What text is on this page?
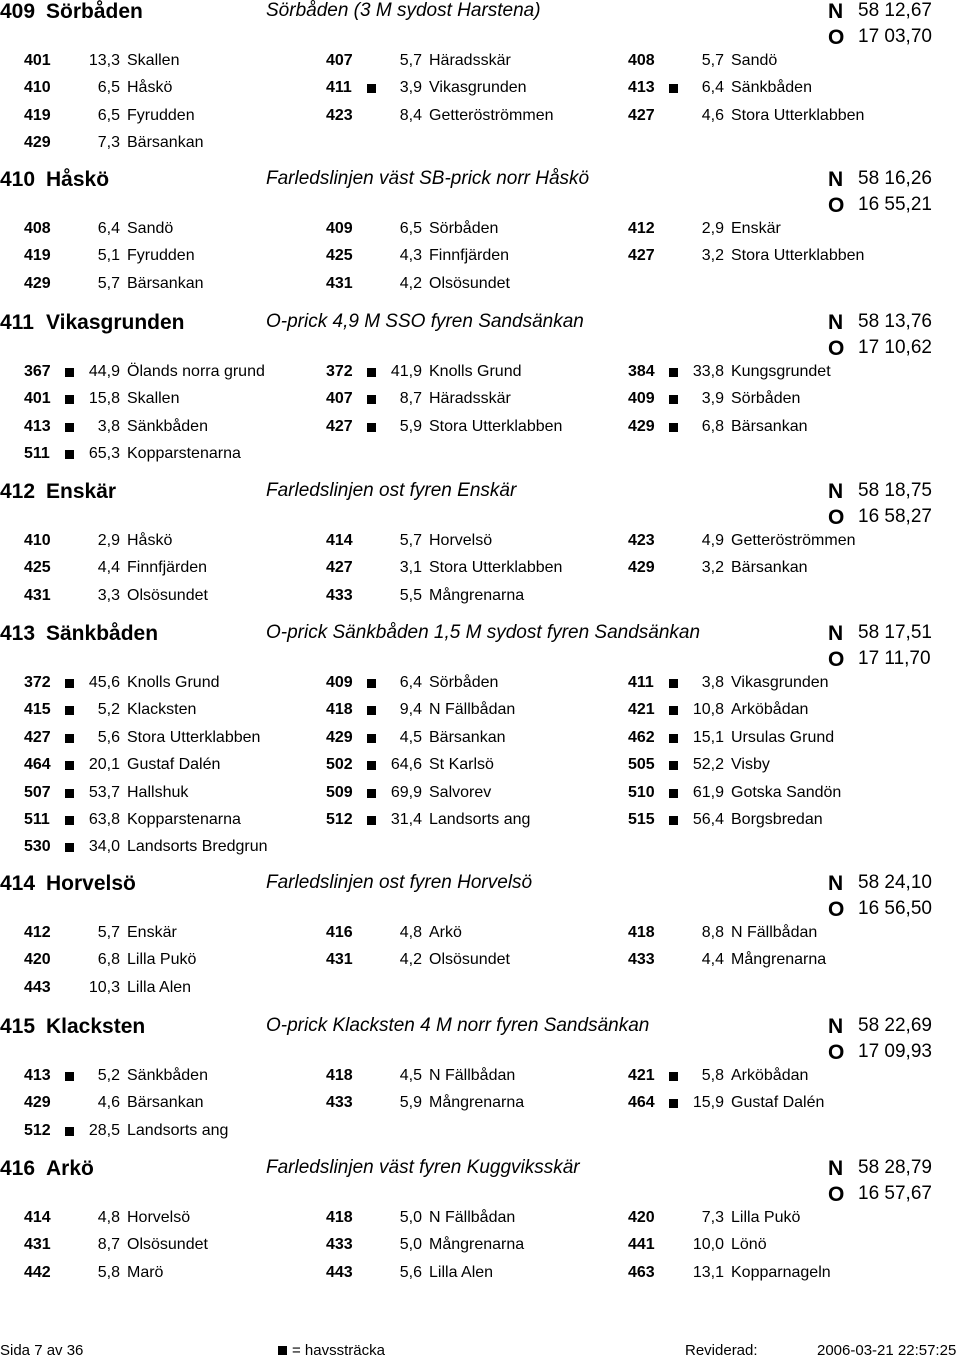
409 Sörbåden	Sörbåden (3 M sydost Harstena)	N 58 12,67
O 17 03,70
401	13,3 Skallen	407	5,7 Häradsskär	408	5,7 Sandö
410	6,5 Håskö	411	3,9 Vikasgrunden	413	6,4 Sänkbåden
419	6,5 Fyrudden	423	8,4 Getteröströmmen	427	4,6 Stora Utterklabben
429	7,3 Bärsankan
410 Håskö	Farledslinjen väst SB-prick norr Håskö	N 58 16,26
O 16 55,21
408	6,4 Sandö	409	6,5 Sörbåden	412	2,9 Enskär
419	5,1 Fyrudden	425	4,3 Finnfjärden	427	3,2 Stora Utterklabben
429	5,7 Bärsankan	431	4,2 Olsösundet
411 Vikasgrunden	O-prick 4,9 M SSO fyren Sandsänkan	N 58 13,76
O 17 10,62
367	44,9 Ölands norra grund	372	41,9 Knolls Grund	384	33,8 Kungsgrundet
401	15,8 Skallen	407	8,7 Häradsskär	409	3,9 Sörbåden
413	3,8 Sänkbåden	427	5,9 Stora Utterklabben	429	6,8 Bärsankan
511	65,3 Kopparstenarna
412 Enskär	Farledslinjen ost fyren Enskär	N 58 18,75
O 16 58,27
410	2,9 Håskö	414	5,7 Horvelsö	423	4,9 Getteröströmmen
425	4,4 Finnfjärden	427	3,1 Stora Utterklabben	429	3,2 Bärsankan
431	3,3 Olsösundet	433	5,5 Mångrenarna
413 Sänkbåden	O-prick Sänkbåden 1,5 M sydost fyren Sandsänkan	N 58 17,51
O 17 11,70
372	45,6 Knolls Grund	409	6,4 Sörbåden	411	3,8 Vikasgrunden
415	5,2 Klacksten	418	9,4 N Fällbådan	421	10,8 Arköbådan
427	5,6 Stora Utterklabben	429	4,5 Bärsankan	462	15,1 Ursulas Grund
464	20,1 Gustaf Dalén	502	64,6 St Karlsö	505	52,2 Visby
507	53,7 Hallshuk	509	69,9 Salvorev	510	61,9 Gotska Sandön
511	63,8 Kopparstenarna	512	31,4 Landsorts ang	515	56,4 Borgsbredan
530	34,0 Landsorts Bredgrun
414 Horvelsö	Farledslinjen ost fyren Horvelsö	N 58 24,10
O 16 56,50
412	5,7 Enskär	416	4,8 Arkö	418	8,8 N Fällbådan
420	6,8 Lilla Pukö	431	4,2 Olsösundet	433	4,4 Mångrenarna
443	10,3 Lilla Alen
415 Klacksten	O-prick Klacksten 4 M norr fyren Sandsänkan	N 58 22,69
O 17 09,93
413	5,2 Sänkbåden	418	4,5 N Fällbådan	421	5,8 Arköbådan
429	4,6 Bärsankan	433	5,9 Mångrenarna	464	15,9 Gustaf Dalén
512	28,5 Landsorts ang
416 Arkö	Farledslinjen väst fyren Kuggviksskär	N 58 28,79
O 16 57,67
414	4,8 Horvelsö	418	5,0 N Fällbådan	420	7,3 Lilla Pukö
431	8,7 Olsösundet	433	5,0 Mångrenarna	441	10,0 Lönö
442	5,8 Marö	443	5,6 Lilla Alen	463	13,1 Kopparnageln
Sida 7 av 36	= havssträcka	Reviderad:	2006-03-21 22:57:25
